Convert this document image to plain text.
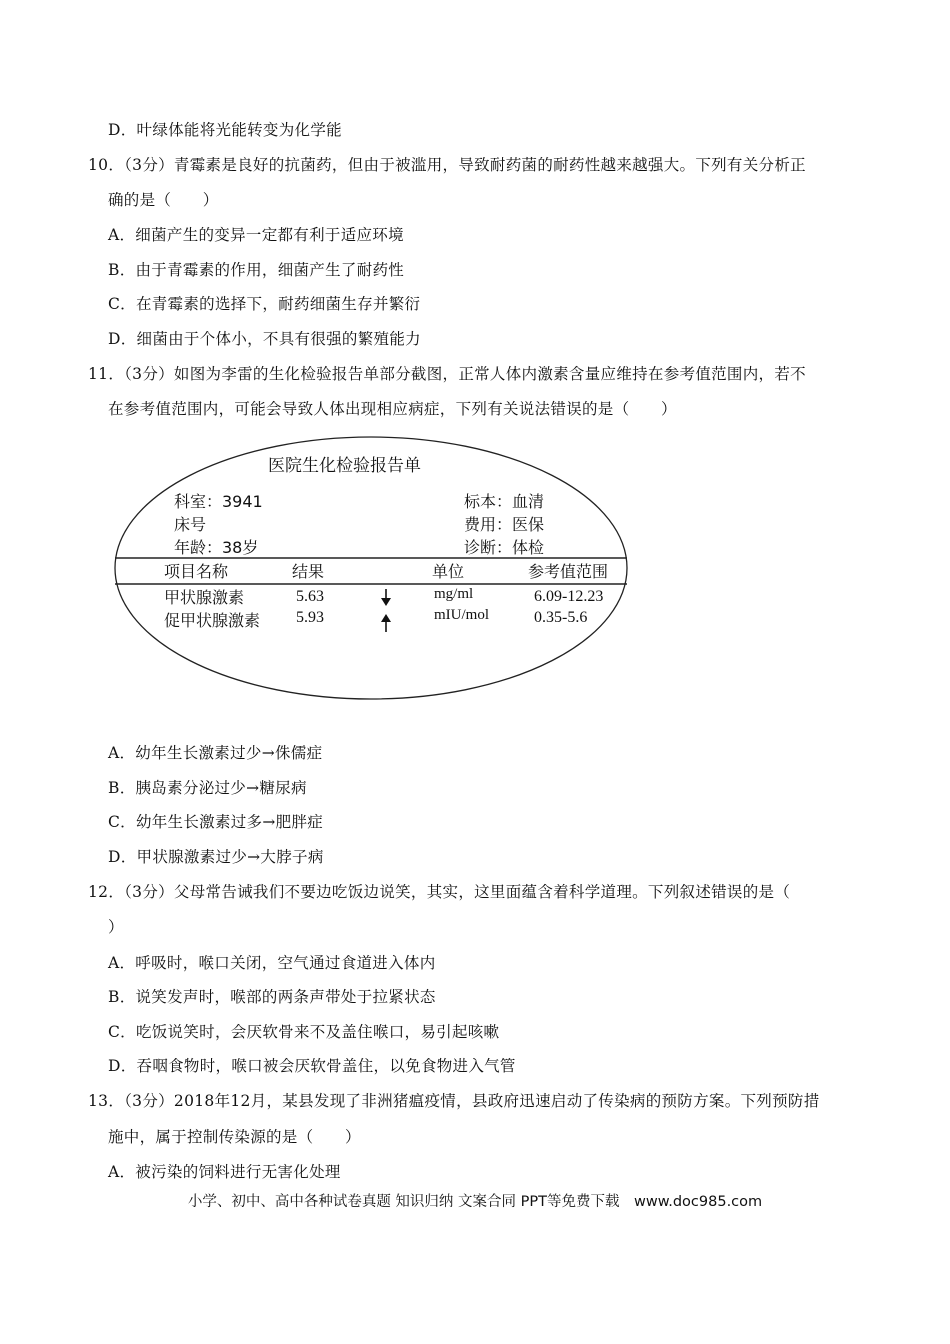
D．叶绿体能将光能转变为化学能
10．（3分）青霉素是良好的抗菌药，但由于被滥用，导致耐药菌的耐药性越来越强大。下列有关分析正
确的是（　　）
A．细菌产生的变异一定都有利于适应环境
B．由于青霉素的作用，细菌产生了耐药性
C．在青霉素的选择下，耐药细菌生存并繁衍
D．细菌由于个体小，不具有很强的繁殖能力
11．（3分）如图为李雷的生化检验报告单部分截图，正常人体内激素含量应维持在参考值范围内，若不
在参考值范围内，可能会导致人体出现相应病症，下列有关说法错误的是（　　）
医院生化检验报告单
科室：3941
床号
年龄：38岁
标本：血清
费用：医保
诊断：体检
项目名称	结果	单位	参考值范围
甲状腺激素	5.63	mg/ml	6.09-12.23
促甲状腺激素 5.93	mIU/mol	0.35-5.6
A．幼年生长激素过少→侏儒症
B．胰岛素分泌过少→糖尿病
C．幼年生长激素过多→肥胖症
D．甲状腺激素过少→大脖子病
12．（3分）父母常告诫我们不要边吃饭边说笑，其实，这里面蕴含着科学道理。下列叙述错误的是（
）
A．呼吸时，喉口关闭，空气通过食道进入体内
B．说笑发声时，喉部的两条声带处于拉紧状态
C．吃饭说笑时，会厌软骨来不及盖住喉口，易引起咳嗽
D．吞咽食物时，喉口被会厌软骨盖住，以免食物进入气管
13．（3分）2018年12月，某县发现了非洲猪瘟疫情，县政府迅速启动了传染病的预防方案。下列预防措
施中，属于控制传染源的是（　　）
A．被污染的饲料进行无害化处理
小学、初中、高中各种试卷真题 知识归纳 文案合同 PPT等免费下载　www.doc985.com
